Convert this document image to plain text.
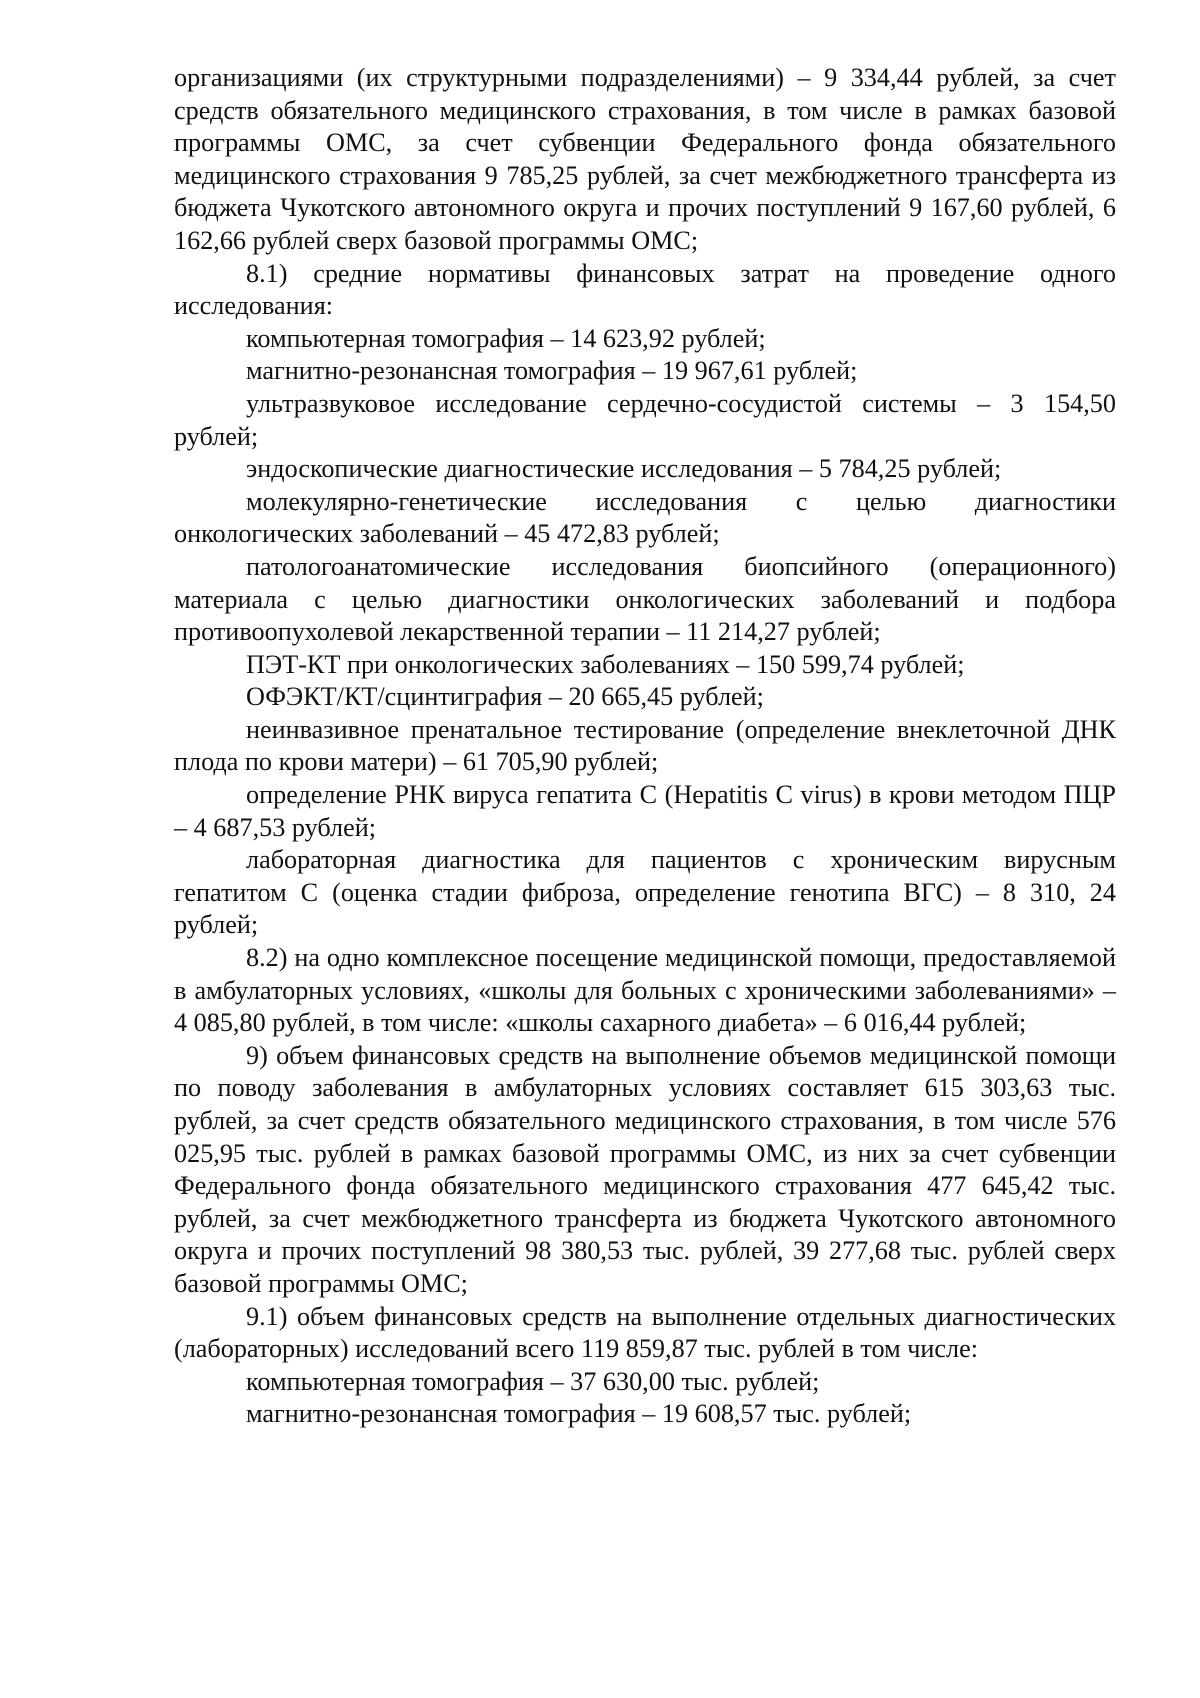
организациями (их структурными подразделениями) – 9 334,44 рублей, за счет средств обязательного медицинского страхования, в том числе в рамках базовой программы ОМС, за счет субвенции Федерального фонда обязательного медицинского страхования 9 785,25 рублей, за счет межбюджетного трансферта из бюджета Чукотского автономного округа и прочих поступлений 9 167,60 рублей, 6 162,66 рублей сверх базовой программы ОМС;

8.1) средние нормативы финансовых затрат на проведение одного исследования:

компьютерная томография – 14 623,92 рублей;

магнитно-резонансная томография – 19 967,61 рублей;

ультразвуковое исследование сердечно-сосудистой системы – 3 154,50 рублей;

эндоскопические диагностические исследования – 5 784,25 рублей;

молекулярно-генетические исследования с целью диагностики онкологических заболеваний – 45 472,83 рублей;

патологоанатомические исследования биопсийного (операционного) материала с целью диагностики онкологических заболеваний и подбора противоопухолевой лекарственной терапии – 11 214,27 рублей;

ПЭТ-КТ при онкологических заболеваниях – 150 599,74 рублей;

ОФЭКТ/КТ/сцинтиграфия – 20 665,45 рублей;

неинвазивное пренатальное тестирование (определение внеклеточной ДНК плода по крови матери) – 61 705,90 рублей;

определение РНК вируса гепатита С (Hepatitis C virus) в крови методом ПЦР – 4 687,53 рублей;

лабораторная диагностика для пациентов с хроническим вирусным гепатитом С (оценка стадии фиброза, определение генотипа ВГС) – 8 310, 24 рублей;

8.2) на одно комплексное посещение медицинской помощи, предоставляемой в амбулаторных условиях, «школы для больных с хроническими заболеваниями» – 4 085,80 рублей, в том числе: «школы сахарного диабета» – 6 016,44 рублей;

9) объем финансовых средств на выполнение объемов медицинской помощи по поводу заболевания в амбулаторных условиях составляет 615 303,63 тыс. рублей, за счет средств обязательного медицинского страхования, в том числе 576 025,95 тыс. рублей в рамках базовой программы ОМС, из них за счет субвенции Федерального фонда обязательного медицинского страхования 477 645,42 тыс. рублей, за счет межбюджетного трансферта из бюджета Чукотского автономного округа и прочих поступлений 98 380,53 тыс. рублей, 39 277,68 тыс. рублей сверх базовой программы ОМС;

9.1) объем финансовых средств на выполнение отдельных диагностических (лабораторных) исследований всего 119 859,87 тыс. рублей в том числе:

компьютерная томография – 37 630,00 тыс. рублей;

магнитно-резонансная томография – 19 608,57 тыс. рублей;
